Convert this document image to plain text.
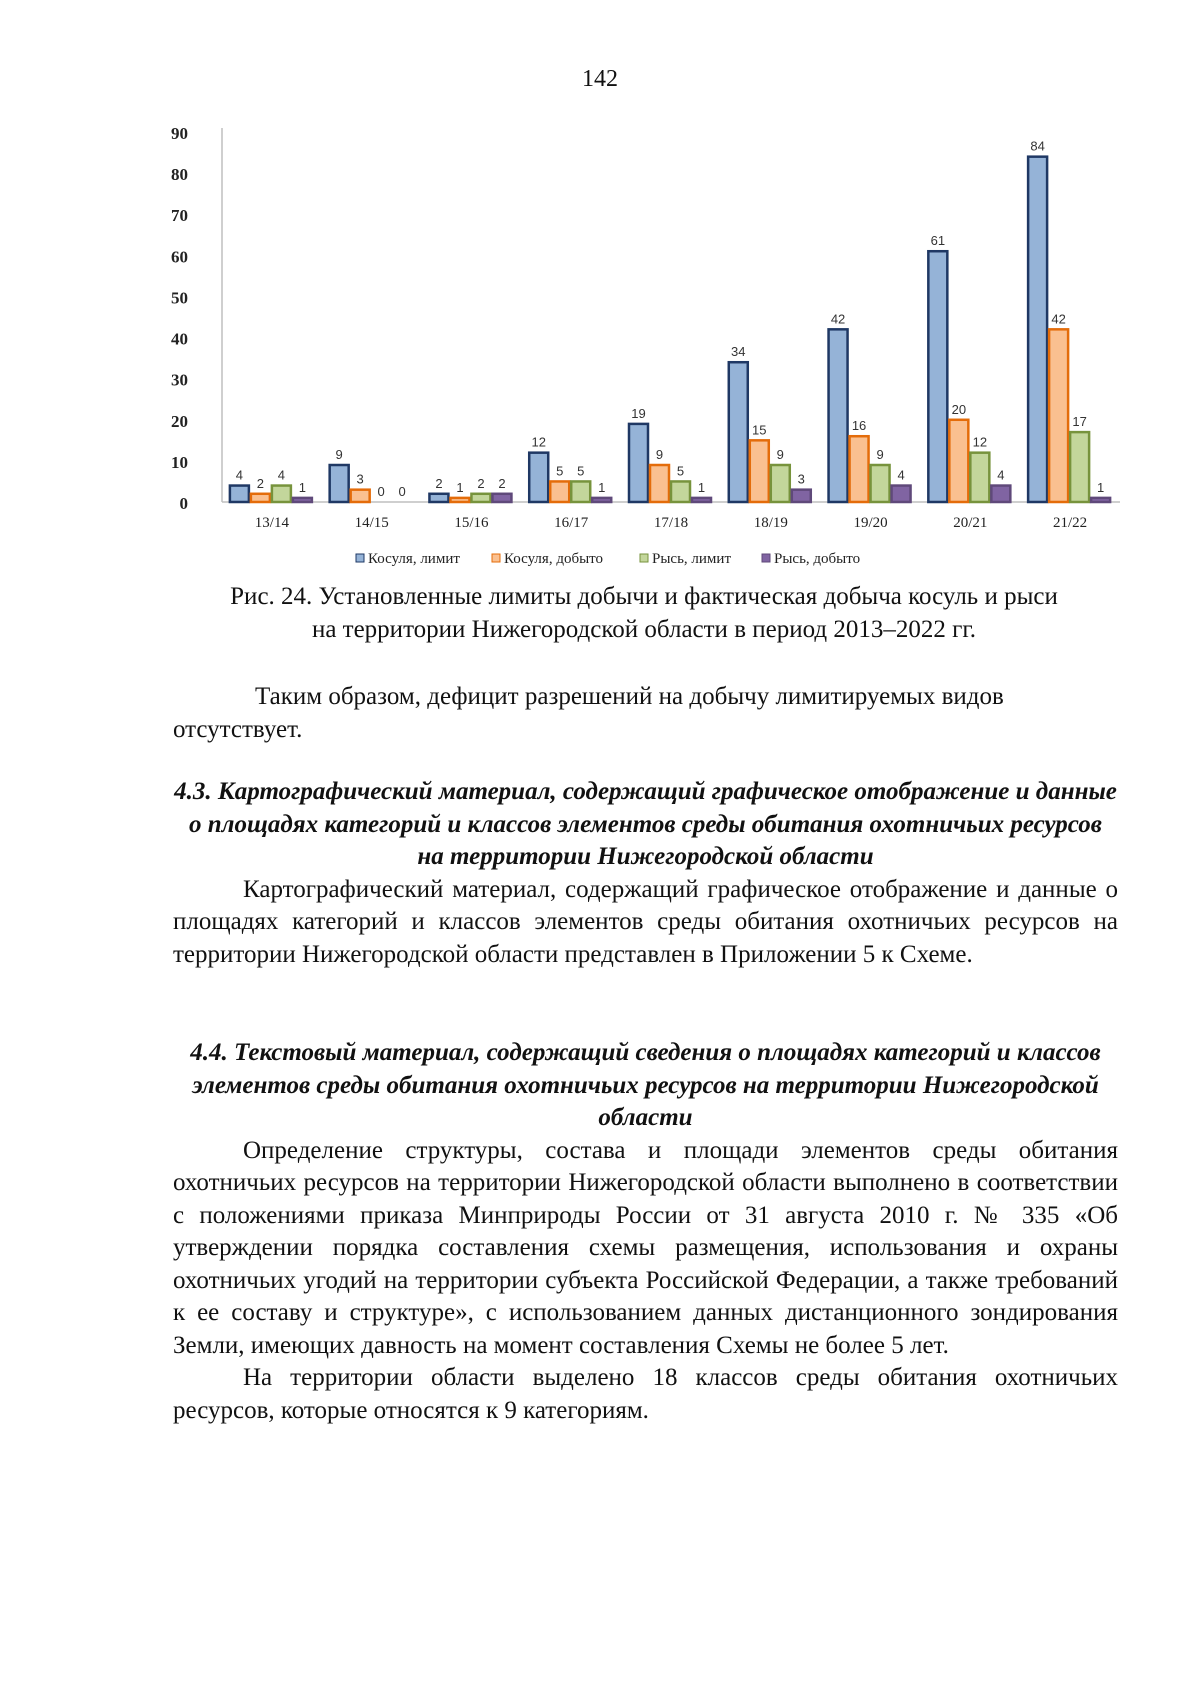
142
0
10
20
30
40
50
60
70
80
90
13/14
4
2
4
1
14/15
9
3
0 0
15/16
2 1 2 2
16/17
12
5 5
1
17/18
19
9
5
1
18/19
34
15
9
3
19/20
42
16
9
4
20/21
61
20
12
4
21/22
84
42
17
1
Косуля, лимит	Косуля, добыто	Рысь, лимит	Рысь, добыто
Рис. 24. Установленные лимиты добычи и фактическая добыча косуль и рыси
на территории Нижегородской области в период 2013–2022 гг.

Таким образом, дефицит разрешений на добычу лимитируемых видов

отсутствует.

4.3. Картографический материал, содержащий графическое отображение и данные о площадях категорий и классов элементов среды обитания охотничьих ресурсов на территории Нижегородской области

Картографический материал, содержащий графическое отображение и данные о площадях категорий и классов элементов среды обитания охотничьих ресурсов на территории Нижегородской области представлен в Приложении 5 к Схеме.

4.4. Текстовый материал, содержащий сведения о площадях категорий и классов элементов среды обитания охотничьих ресурсов на территории Нижегородской области

Определение структуры, состава и площади элементов среды обитания охотничьих ресурсов на территории Нижегородской области выполнено в соответствии с положениями приказа Минприроды России от 31 августа 2010 г. № 335 «Об утверждении порядка составления схемы размещения, использования и охраны охотничьих угодий на территории субъекта Российской Федерации, а также требований к ее составу и структуре», с использованием данных дистанционного зондирования Земли, имеющих давность на момент составления Схемы не более 5 лет.

На территории области выделено 18 классов среды обитания охотничьих ресурсов, которые относятся к 9 категориям.
